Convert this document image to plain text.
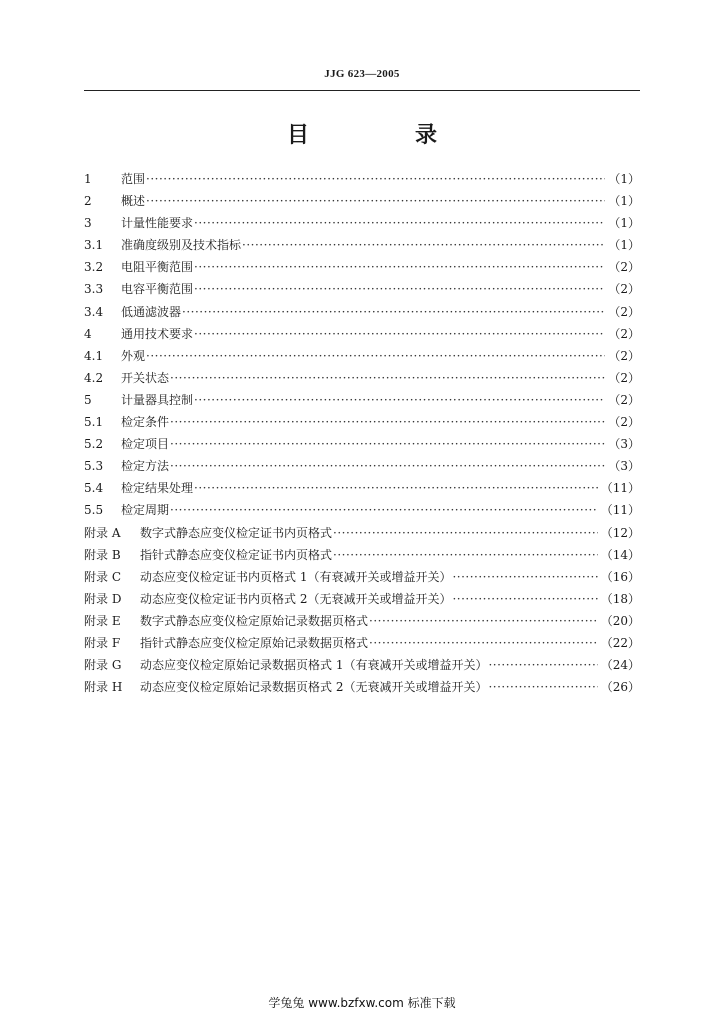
JJG 623—2005
目　录
1	范围 ·····	（1）
2	概述 ·····	（1）
3	计量性能要求 ·····	（1）
3.1	准确度级别及技术指标 ·····	（1）
3.2	电阻平衡范围 ·····	（2）
3.3	电容平衡范围 ·····	（2）
3.4	低通滤波器 ·····	（2）
4	通用技术要求 ·····	（2）
4.1	外观 ·····	（2）
4.2	开关状态 ·····	（2）
5	计量器具控制 ·····	（2）
5.1	检定条件 ·····	（2）
5.2	检定项目 ·····	（3）
5.3	检定方法 ·····	（3）
5.4	检定结果处理 ·····	（11）
5.5	检定周期 ·····	（11）
附录 A	数字式静态应变仪检定证书内页格式 ·····	（12）
附录 B	指针式静态应变仪检定证书内页格式 ·····	（14）
附录 C	动态应变仪检定证书内页格式 1（有衰减开关或增益开关） ·····	（16）
附录 D	动态应变仪检定证书内页格式 2（无衰减开关或增益开关） ·····	（18）
附录 E	数字式静态应变仪检定原始记录数据页格式 ·····	（20）
附录 F	指针式静态应变仪检定原始记录数据页格式 ·····	（22）
附录 G	动态应变仪检定原始记录数据页格式 1（有衰减开关或增益开关） ·····	（24）
附录 H	动态应变仪检定原始记录数据页格式 2（无衰减开关或增益开关） ·····	（26）
学兔兔 www.bzfxw.com 标准下载
